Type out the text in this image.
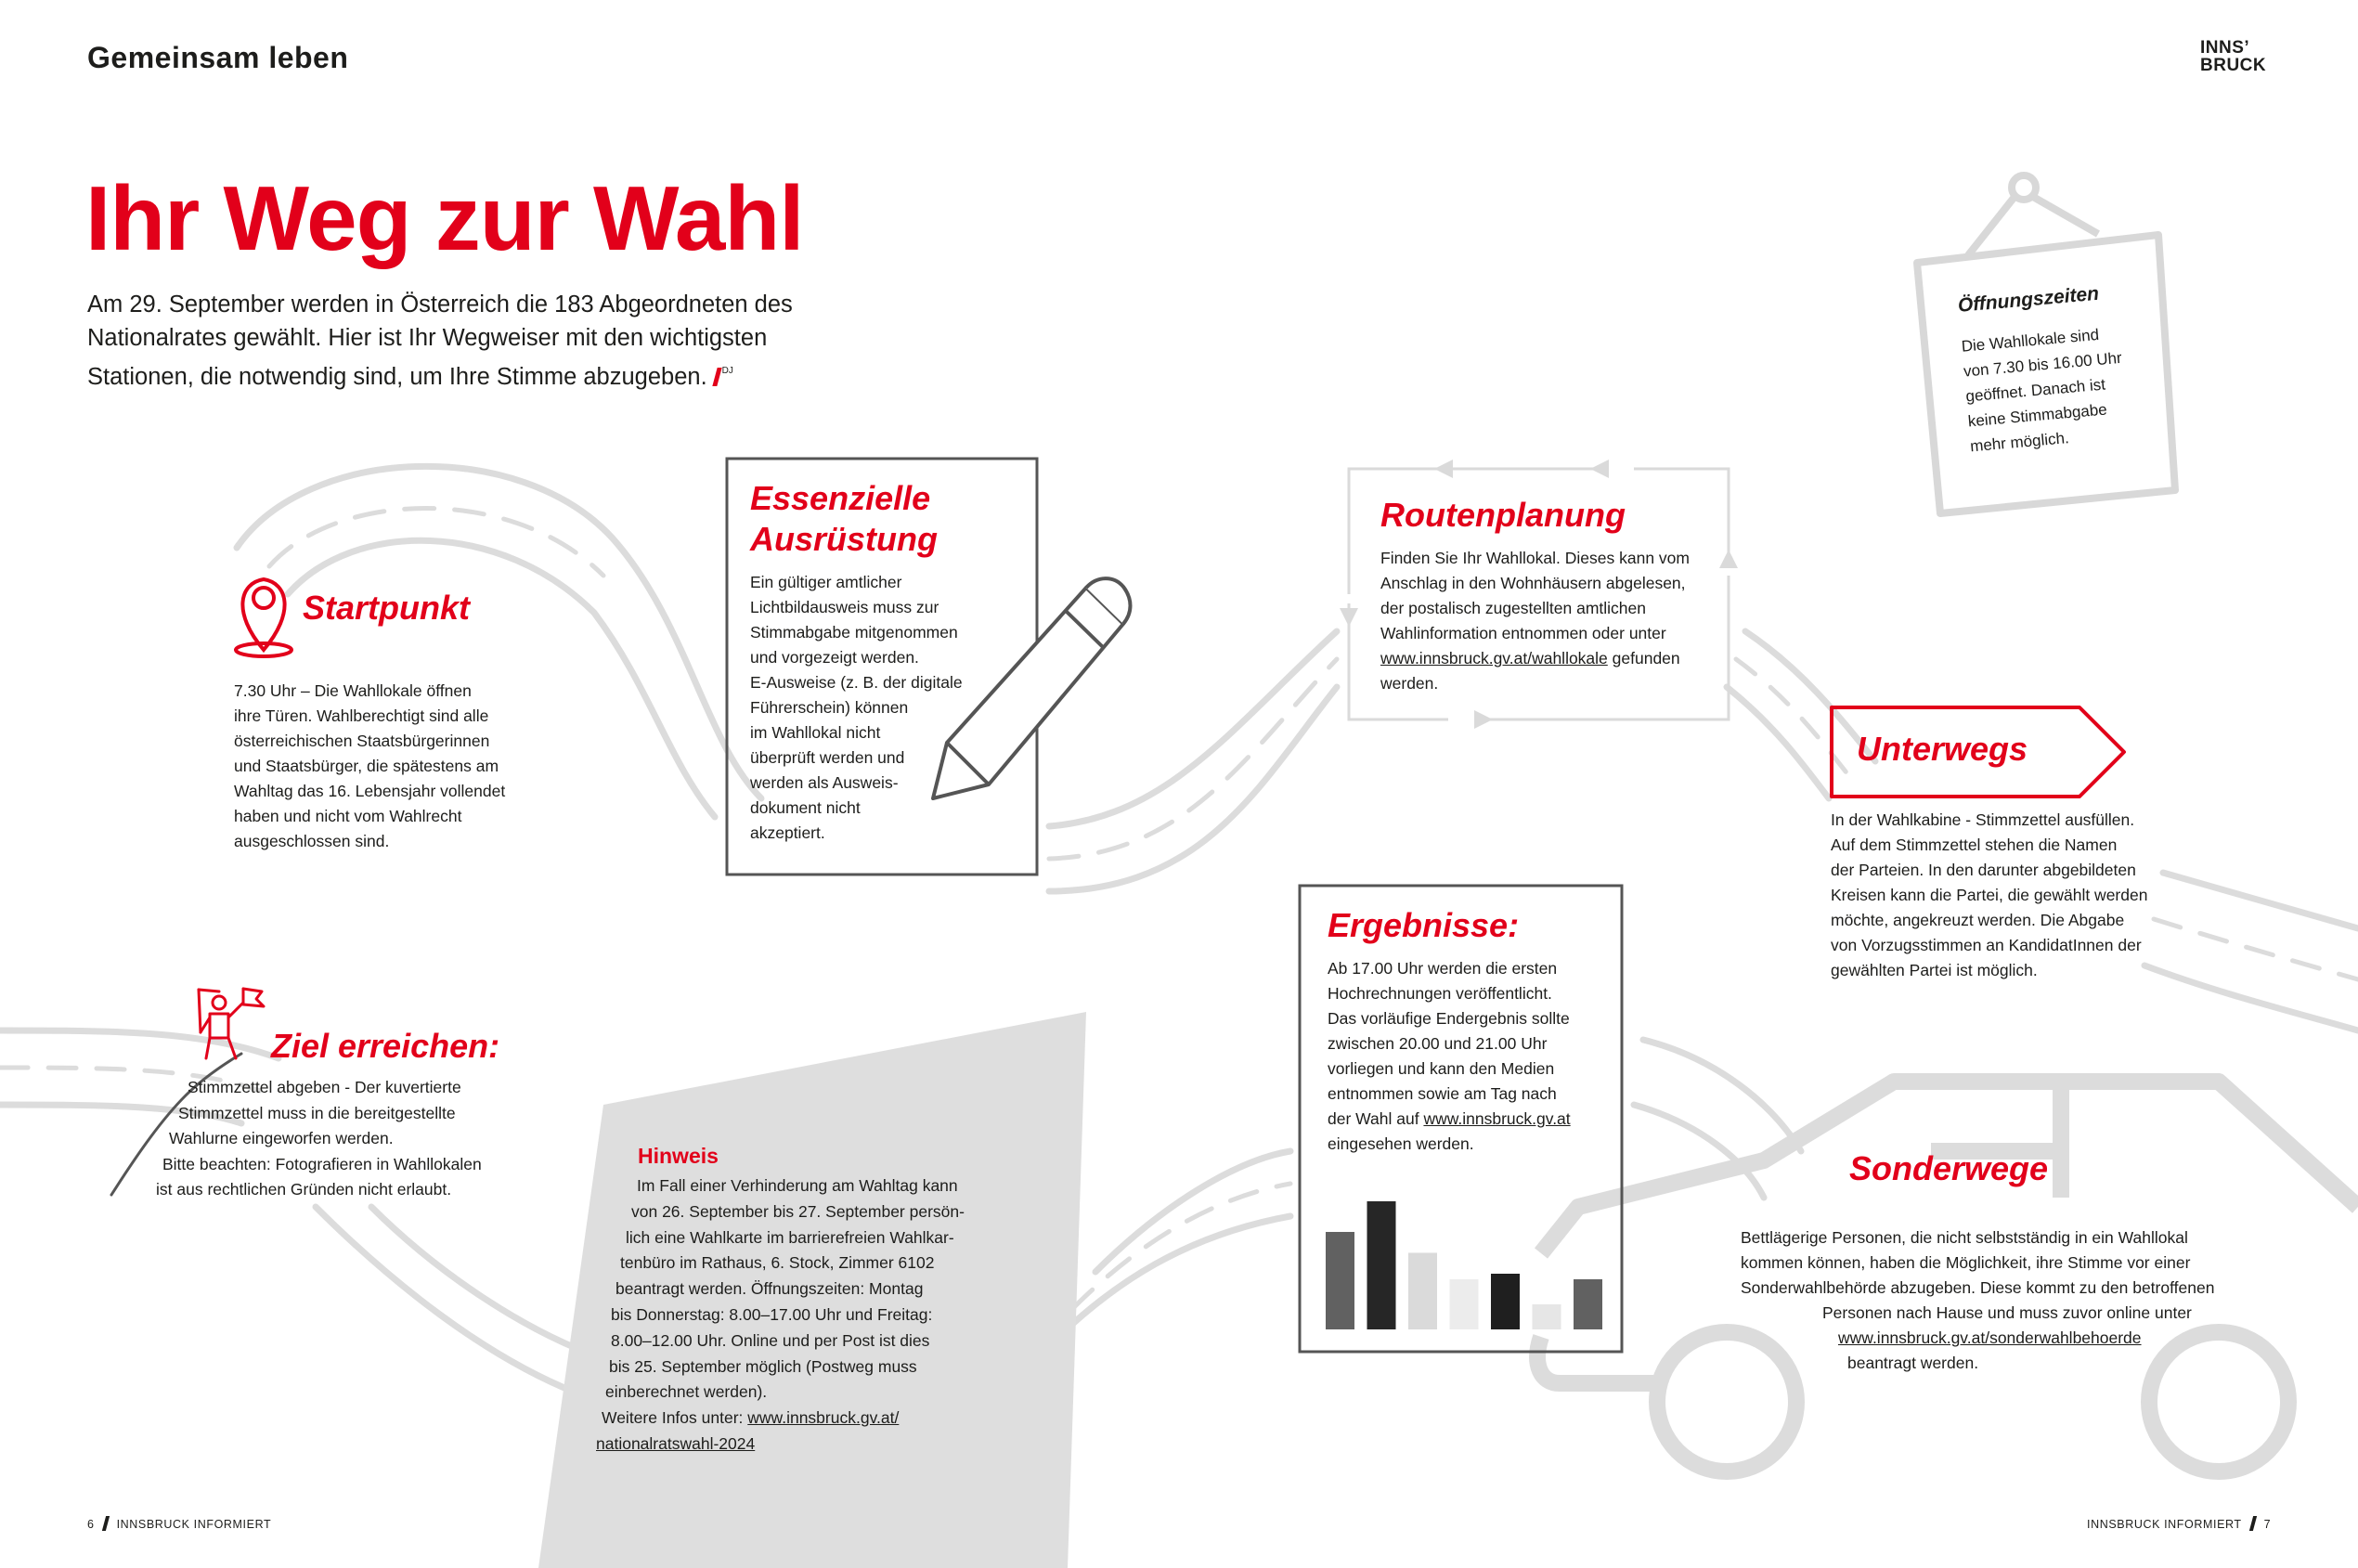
Gemeinsam leben	INNS’
BRUCK
Ihr Weg zur Wahl
Am 29. September werden in Österreich die 183 Abgeordneten des Nationalrates gewählt. Hier ist Ihr Wegweiser mit den wichtigsten Stationen, die notwendig sind, um Ihre Stimme abzugeben. $^{DJ}$
Startpunkt
7.30 Uhr – Die Wahllokale öffnen
ihre Türen. Wahlberechtigt sind alle
österreichischen Staatsbürgerinnen
und Staatsbürger, die spätestens am
Wahltag das 16. Lebensjahr vollendet
haben und nicht vom Wahlrecht
ausgeschlossen sind.
Essenzielle
Ausrüstung
Ein gültiger amtlicher
Lichtbildausweis muss zur
Stimmabgabe mitgenommen
und vorgezeigt werden.
E-Ausweise (z. B. der digitale
Führerschein) können
im Wahllokal nicht
überprüft werden und
werden als Ausweis-
dokument nicht
akzeptiert.
Routenplanung
Finden Sie Ihr Wahllokal. Dieses kann vom
Anschlag in den Wohnhäusern abgelesen,
der postalisch zugestellten amtlichen
Wahlinformation entnommen oder unter
www.innsbruck.gv.at/wahllokale gefunden
werden.
Öffnungszeiten
Die Wahllokale sind
von 7.30 bis 16.00 Uhr
geöffnet. Danach ist
keine Stimmabgabe
mehr möglich.
Unterwegs
In der Wahlkabine - Stimmzettel ausfüllen.
Auf dem Stimmzettel stehen die Namen
der Parteien. In den darunter abgebildeten
Kreisen kann die Partei, die gewählt werden
möchte, angekreuzt werden. Die Abgabe
von Vorzugsstimmen an KandidatInnen der
gewählten Partei ist möglich.
Ergebnisse:
Ab 17.00 Uhr werden die ersten
Hochrechnungen veröffentlicht.
Das vorläufige Endergebnis sollte
zwischen 20.00 und 21.00 Uhr
vorliegen und kann den Medien
entnommen sowie am Tag nach
der Wahl auf www.innsbruck.gv.at
eingesehen werden.
Ziel erreichen:
Stimmzettel abgeben - Der kuvertierte
Stimmzettel muss in die bereitgestellte
Wahlurne eingeworfen werden.
Bitte beachten: Fotografieren in Wahllokalen
ist aus rechtlichen Gründen nicht erlaubt.
Hinweis
Im Fall einer Verhinderung am Wahltag kann
von 26. September bis 27. September persön-
lich eine Wahlkarte im barrierefreien Wahlkar-
tenbüro im Rathaus, 6. Stock, Zimmer 6102
beantragt werden. Öffnungszeiten: Montag
bis Donnerstag: 8.00–17.00 Uhr und Freitag:
8.00–12.00 Uhr. Online und per Post ist dies
bis 25. September möglich (Postweg muss
einberechnet werden).
Weitere Infos unter: www.innsbruck.gv.at/
nationalratswahl-2024
Sonderwege
Bettlägerige Personen, die nicht selbstständig in ein Wahllokal
kommen können, haben die Möglichkeit, ihre Stimme vor einer
Sonderwahlbehörde abzugeben. Diese kommt zu den betroffenen
Personen nach Hause und muss zuvor online unter
www.innsbruck.gv.at/sonderwahlbehoerde
beantragt werden.
6 INNSBRUCK INFORMIERT	INNSBRUCK INFORMIERT 7
